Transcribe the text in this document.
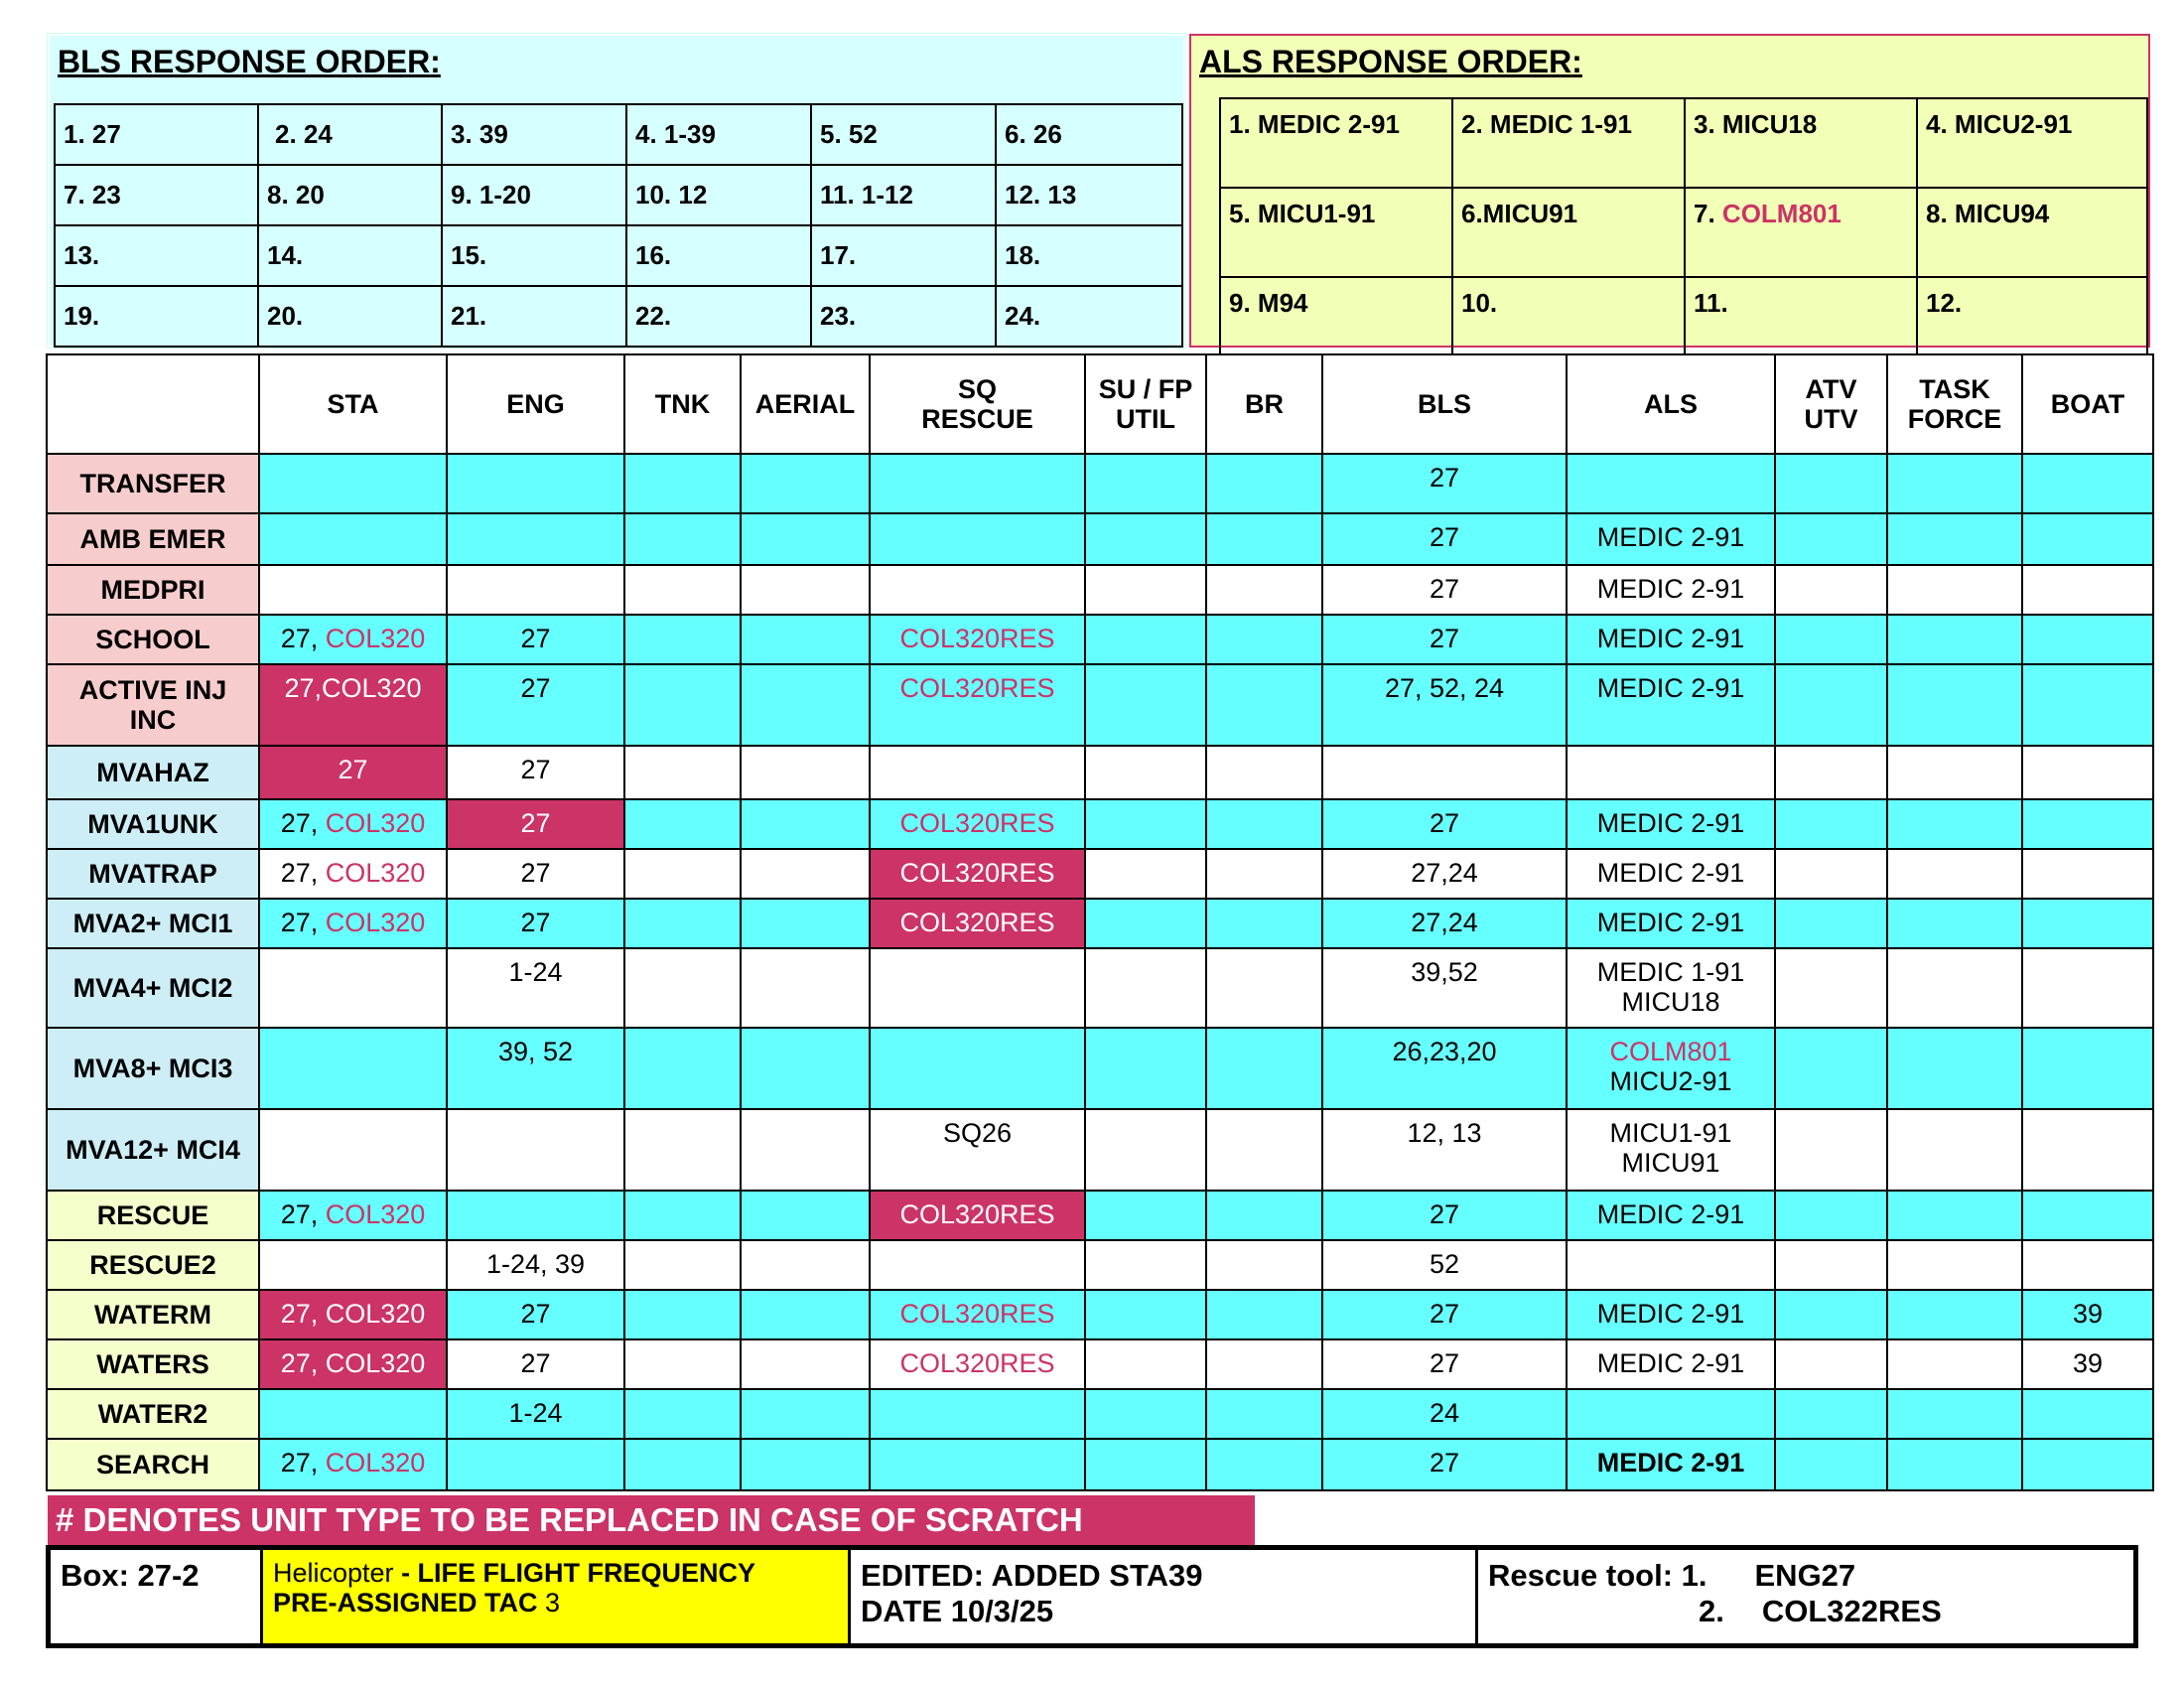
BLS RESPONSE ORDER:
1. 27	2. 24	3. 39	4. 1-39	5. 52	6. 26
7. 23	8. 20	9. 1-20	10. 12	11. 1-12	12. 13
13.	14.	15.	16.	17.	18.
19.	20.	21.	22.	23.	24.
ALS RESPONSE ORDER:
1. MEDIC 2-91	2. MEDIC 1-91	3. MICU18	4. MICU2-91
5. MICU1-91	6.MICU91	7. COLM801	8. MICU94
9. M94	10.	11.	12.
	STA	ENG	TNK	AERIAL	SQ
RESCUE	SU / FP
UTIL	BR	BLS	ALS	ATV
UTV	TASK
FORCE	BOAT
TRANSFER								27				
AMB EMER								27	MEDIC 2-91			
MEDPRI								27	MEDIC 2-91			
SCHOOL	27, COL320	27			COL320RES			27	MEDIC 2-91			
ACTIVE INJ
INC	27,COL320	27			COL320RES			27, 52, 24	MEDIC 2-91			
MVAHAZ	27	27										
MVA1UNK	27, COL320	27			COL320RES			27	MEDIC 2-91			
MVATRAP	27, COL320	27			COL320RES			27,24	MEDIC 2-91			
MVA2+ MCI1	27, COL320	27			COL320RES			27,24	MEDIC 2-91			
MVA4+ MCI2		1-24						39,52	MEDIC 1-91
MICU18			
MVA8+ MCI3		39, 52						26,23,20	COLM801
MICU2-91			
MVA12+ MCI4					SQ26			12, 13	MICU1-91
MICU91			
RESCUE	27, COL320				COL320RES			27	MEDIC 2-91			
RESCUE2		1-24, 39						52				
WATERM	27, COL320	27			COL320RES			27	MEDIC 2-91			39
WATERS	27, COL320	27			COL320RES			27	MEDIC 2-91			39
WATER2		1-24						24				
SEARCH	27, COL320							27	MEDIC 2-91			
# DENOTES UNIT TYPE TO BE REPLACED IN CASE OF SCRATCH
Box: 27-2	Helicopter - LIFE FLIGHT FREQUENCY
PRE-ASSIGNED TAC 3
EDITED: ADDED STA39
DATE 10/3/25
Rescue tool: 1. ENG27
2. COL322RES
